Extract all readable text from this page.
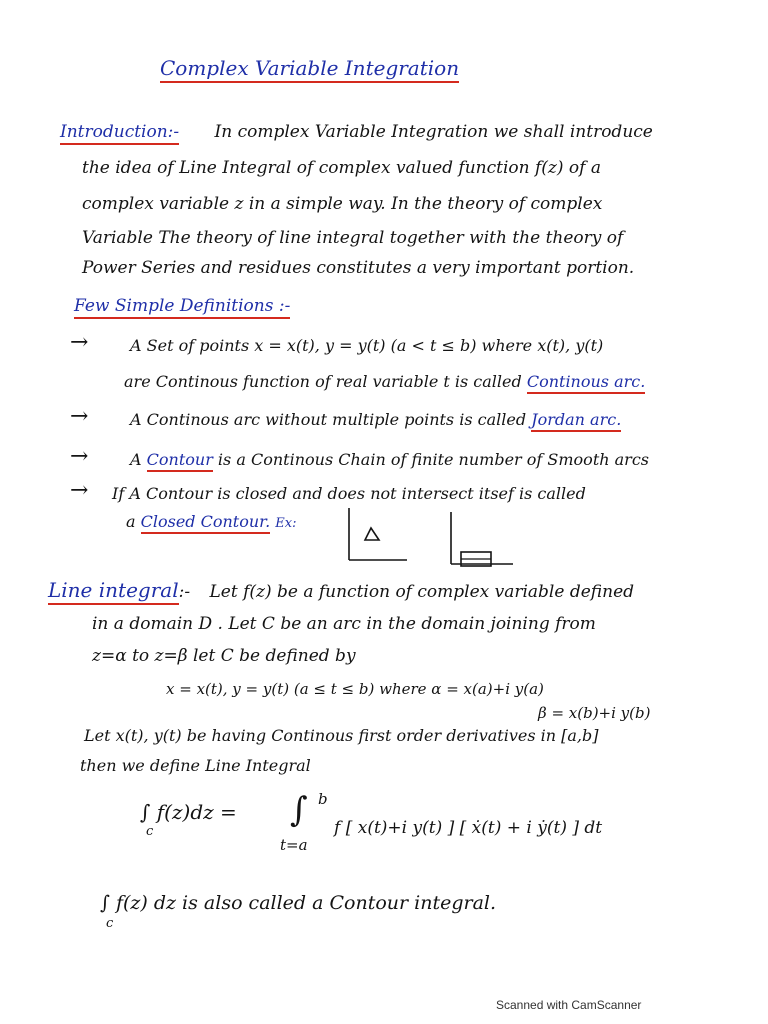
Complex Variable Integration
Introduction:- In complex Variable Integration we shall introduce
the idea of Line Integral of complex valued function f(z) of a
complex variable z in a simple way. In the theory of complex
Variable The theory of line integral together with the theory of
Power Series and residues constitutes a very important portion.
Few Simple Definitions :-
→	A Set of points x = x(t), y = y(t) (a < t ≤ b) where x(t), y(t)
are Continous function of real variable t is called Continous arc.
→	A Continous arc without multiple points is called Jordan arc.
→	A Contour is a Continous Chain of finite number of Smooth arcs
→ If A Contour is closed and does not intersect itsef is called
a Closed Contour. Ex:
Line integral:- Let f(z) be a function of complex variable defined
in a domain D . Let C be an arc in the domain joining from
z=α to z=β let C be defined by
x = x(t), y = y(t) (a ≤ t ≤ b) where α = x(a)+i y(a)
β = x(b)+i y(b)
Let x(t), y(t) be having Continous first order derivatives in [a,b]
then we define Line Integral
∫ f(z)dz =
c
∫ b
t=a
f [ x(t)+i y(t) ] [ ẋ(t) + i ẏ(t) ] dt
∫ f(z) dz is also called a Contour integral.
c
Scanned with CamScanner
